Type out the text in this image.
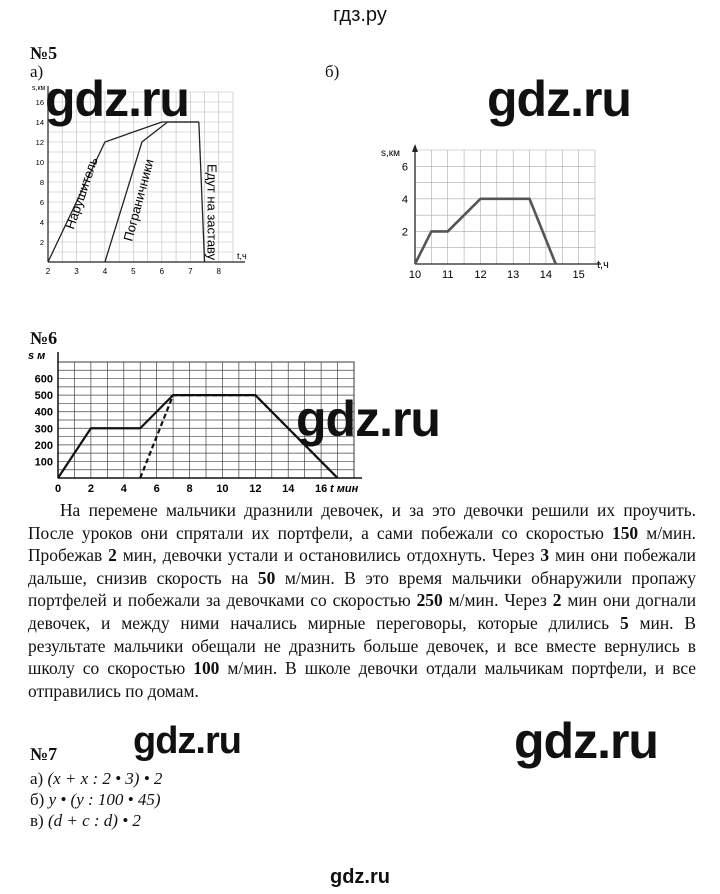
гдз.ру
№5
а)	б)
s,км
t,ч
2
4
6
8
10
12
14
16
2	3	4	5	6	7	8
Нарушитель Пограничники	Едут на заставу
s,км
t,ч
2
4
6
10 11 12 13 14 15
№6
s м
t мин
100
200
300
400
500
600
0 2 4 6 8 10 12 14 16
На перемене мальчики дразнили девочек, и за это девочки решили их проучить. После уроков они спрятали их портфели, а сами побежали со скоростью 150 м/мин. Пробежав 2 мин, девочки устали и остановились отдохнуть. Через 3 мин они побежали дальше, снизив скорость на 50 м/мин. В это время мальчики обнаружили пропажу портфелей и побежали за девочками со скоростью 250 м/мин. Через 2 мин они догнали девочек, и между ними начались мирные переговоры, которые длились 5 мин. В результате мальчики обещали не дразнить больше девочек, и все вместе вернулись в школу со скоростью 100 м/мин. В школе девочки отдали мальчикам портфели, и все отправились по домам.
№7
а) (x + x : 2 • 3) • 2
б) y • (y : 100 • 45)
в) (d + c : d) • 2
gdz.ru	gdz.ru
gdz.ru
gdz.ru	gdz.ru
gdz.ru
